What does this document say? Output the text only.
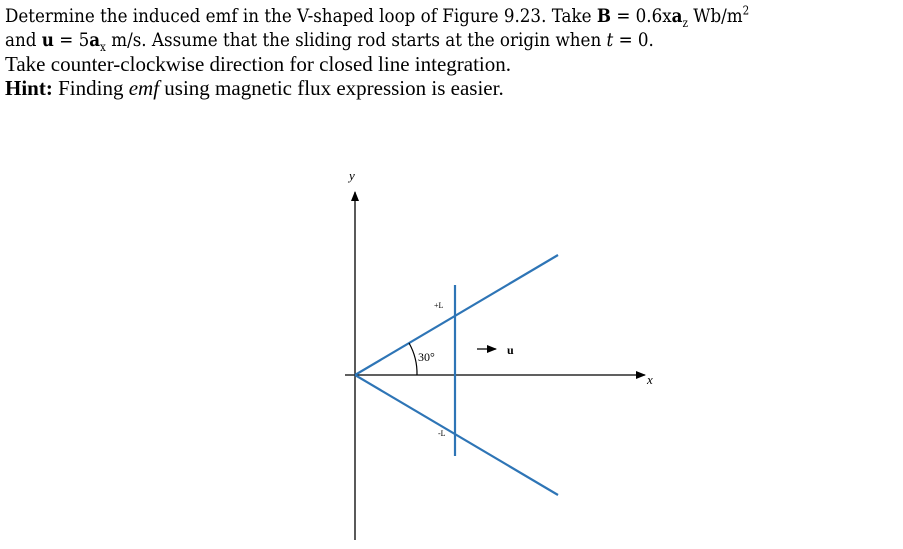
Determine the induced emf in the V-shaped loop of Figure 9.23. Take $B = 0.6xa_z$ $Wb/m^2$
and $u = 5a_x$ m/s. Assume that the sliding rod starts at the origin when t = 0.
Take counter-clockwise direction for closed line integration.
Hint: Finding emf using magnetic flux expression is easier.
y
x
30°
+L
-L
u
